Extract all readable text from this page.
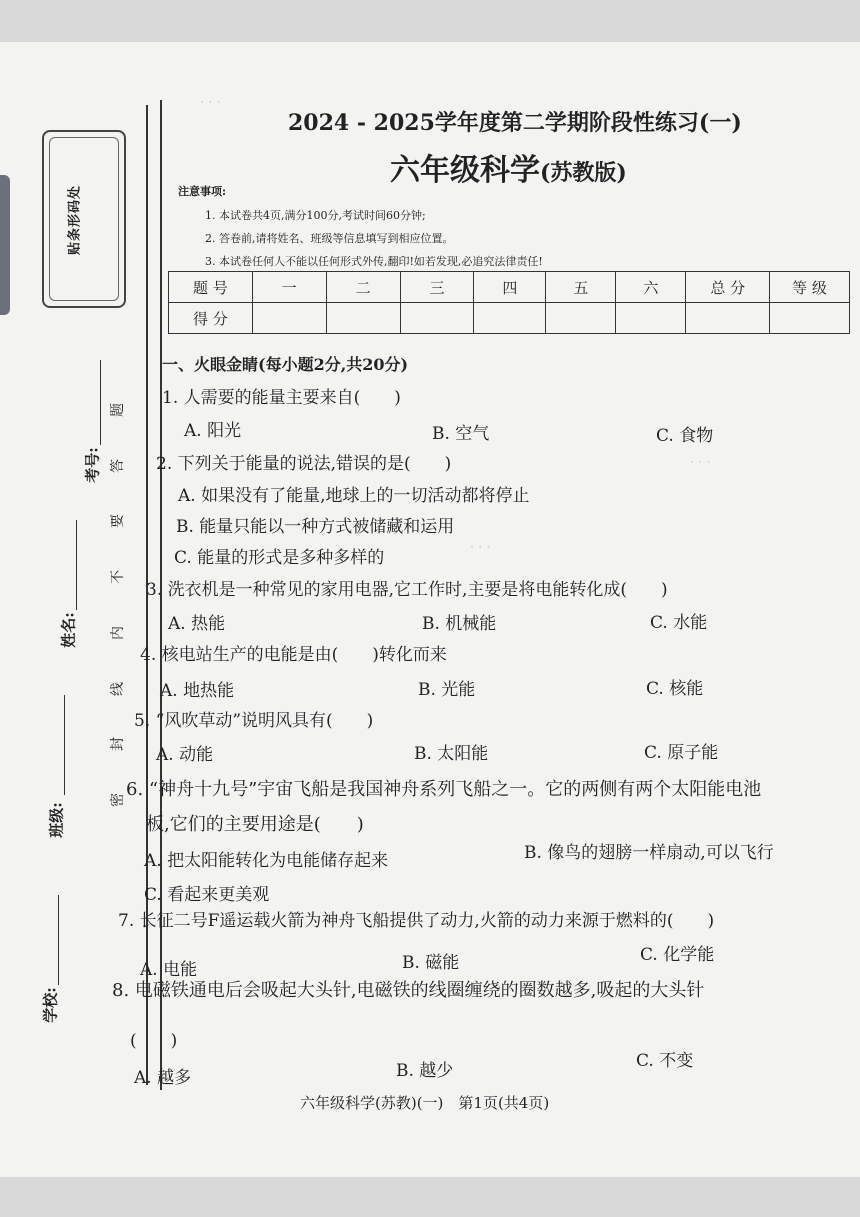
· · ·
· · ·
· · ·
贴条形码处
密
封
线
内
不
要
答
题
考号:
姓名:
班级:
学校:
2024 - 2025学年度第二学期阶段性练习(一)
六年级科学(苏教版)
注意事项:
1. 本试卷共4页,满分100分,考试时间60分钟;
2. 答卷前,请将姓名、班级等信息填写到相应位置。
3. 本试卷任何人不能以任何形式外传,翻印!如若发现,必追究法律责任!
题 号	一	二	三	四	五	六	总 分	等 级
得 分								
一、火眼金睛(每小题2分,共20分)
1. 人需要的能量主要来自(　　)
A. 阳光	B. 空气	C. 食物
2. 下列关于能量的说法,错误的是(　　)
A. 如果没有了能量,地球上的一切活动都将停止
B. 能量只能以一种方式被储藏和运用
C. 能量的形式是多种多样的
3. 洗衣机是一种常见的家用电器,它工作时,主要是将电能转化成(　　)
A. 热能	B. 机械能	C. 水能
4. 核电站生产的电能是由(　　)转化而来
A. 地热能	B. 光能	C. 核能
5. “风吹草动”说明风具有(　　)
A. 动能	B. 太阳能	C. 原子能
6. “神舟十九号”宇宙飞船是我国神舟系列飞船之一。它的两侧有两个太阳能电池
板,它们的主要用途是(　　)
A. 把太阳能转化为电能储存起来	B. 像鸟的翅膀一样扇动,可以飞行
C. 看起来更美观
7. 长征二号F遥运载火箭为神舟飞船提供了动力,火箭的动力来源于燃料的(　　)
A. 电能	B. 磁能	C. 化学能
8. 电磁铁通电后会吸起大头针,电磁铁的线圈缠绕的圈数越多,吸起的大头针
(　　)
A. 越多	B. 越少	C. 不变
六年级科学(苏教)(一)　第1页(共4页)
